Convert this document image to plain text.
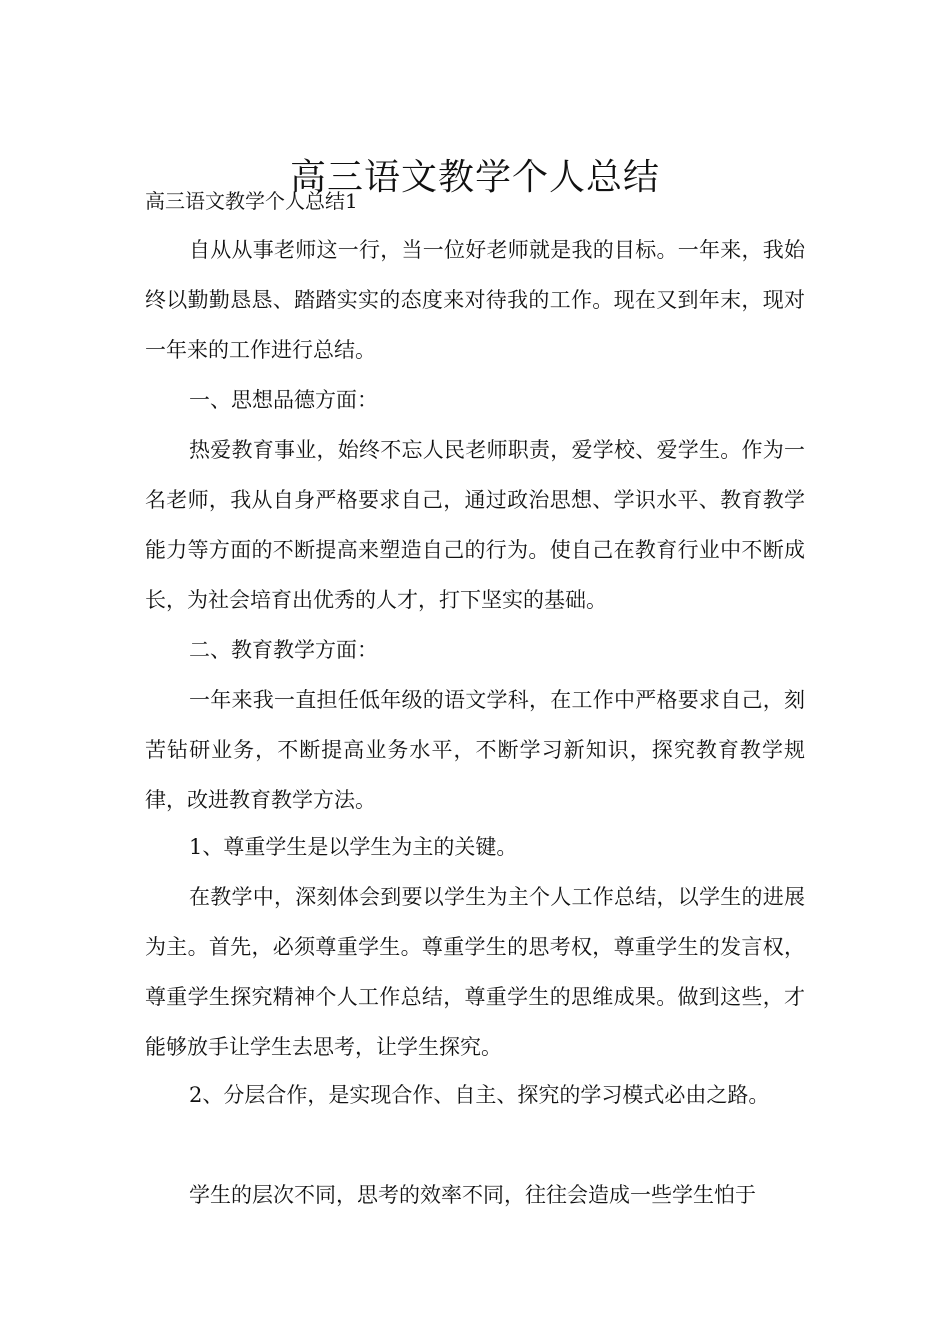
高三语文教学个人总结
高三语文教学个人总结1

自从从事老师这一行，当一位好老师就是我的目标。一年来，我始终以勤勤恳恳、踏踏实实的态度来对待我的工作。现在又到年末，现对一年来的工作进行总结。

一、思想品德方面：

热爱教育事业，始终不忘人民老师职责，爱学校、爱学生。作为一名老师，我从自身严格要求自己，通过政治思想、学识水平、教育教学能力等方面的不断提高来塑造自己的行为。使自己在教育行业中不断成长，为社会培育出优秀的人才，打下坚实的基础。

二、教育教学方面：

一年来我一直担任低年级的语文学科，在工作中严格要求自己，刻苦钻研业务，不断提高业务水平，不断学习新知识，探究教育教学规律，改进教育教学方法。

1、尊重学生是以学生为主的关键。

在教学中，深刻体会到要以学生为主个人工作总结，以学生的进展为主。首先，必须尊重学生。尊重学生的思考权，尊重学生的发言权，尊重学生探究精神个人工作总结，尊重学生的思维成果。做到这些，才能够放手让学生去思考，让学生探究。

2、分层合作，是实现合作、自主、探究的学习模式必由之路。

学生的层次不同，思考的效率不同，往往会造成一些学生怕于
